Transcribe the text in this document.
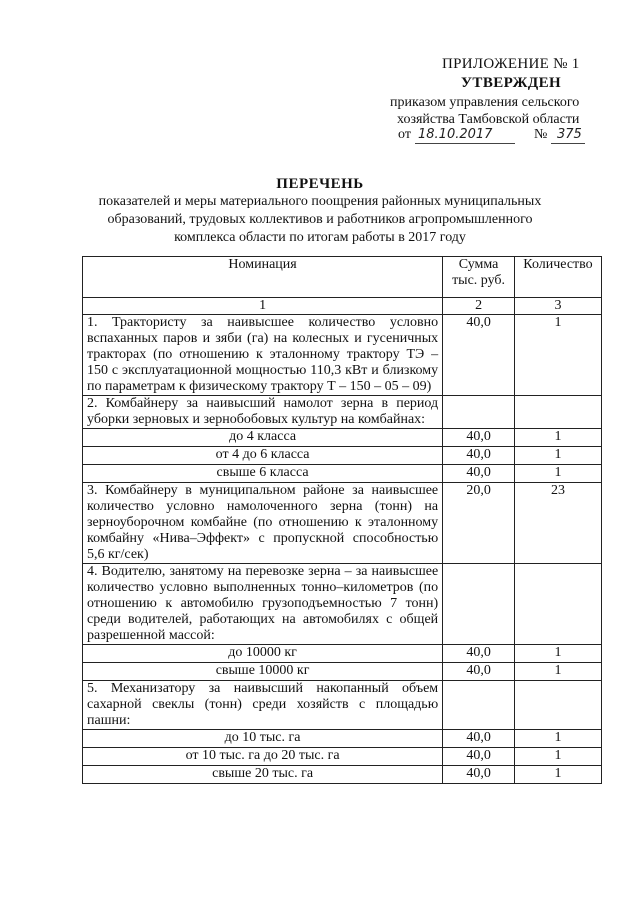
ПРИЛОЖЕНИЕ № 1
УТВЕРЖДЕН
приказом управления сельского
хозяйства Тамбовской области
от 18.10.2017	№ 375
ПЕРЕЧЕНЬ
показателей и меры материального поощрения районных муниципальных образований, трудовых коллективов и работников агропромышленного комплекса области по итогам работы в 2017 году
Номинация	Сумма тыс. руб.	Количество
1	2	3
1. Трактористу за наивысшее количество условно вспаханных паров и зяби (га) на колесных и гусеничных тракторах (по отношению к эталонному трактору ТЭ – 150 с эксплуатационной мощностью 110,3 кВт и близкому по параметрам к физическому трактору Т – 150 – 05 – 09)	40,0	1
2. Комбайнеру за наивысший намолот зерна в период уборки зерновых и зернобобовых культур на комбайнах:		
до 4 класса	40,0	1
от 4 до 6 класса	40,0	1
свыше 6 класса	40,0	1
3. Комбайнеру в муниципальном районе за наивысшее количество условно намолоченного зерна (тонн) на зерноуборочном комбайне (по отношению к эталонному комбайну «Нива–Эффект» с пропускной способностью 5,6 кг/сек)	20,0	23
4. Водителю, занятому на перевозке зерна – за наивысшее количество условно выполненных тонно–километров (по отношению к автомобилю грузоподъемностью 7 тонн) среди водителей, работающих на автомобилях с общей разрешенной массой:		
до 10000 кг	40,0	1
свыше 10000 кг	40,0	1
5. Механизатору за наивысший накопанный объем сахарной свеклы (тонн) среди хозяйств с площадью пашни:		
до 10 тыс. га	40,0	1
от 10 тыс. га до 20 тыс. га	40,0	1
свыше 20 тыс. га	40,0	1
